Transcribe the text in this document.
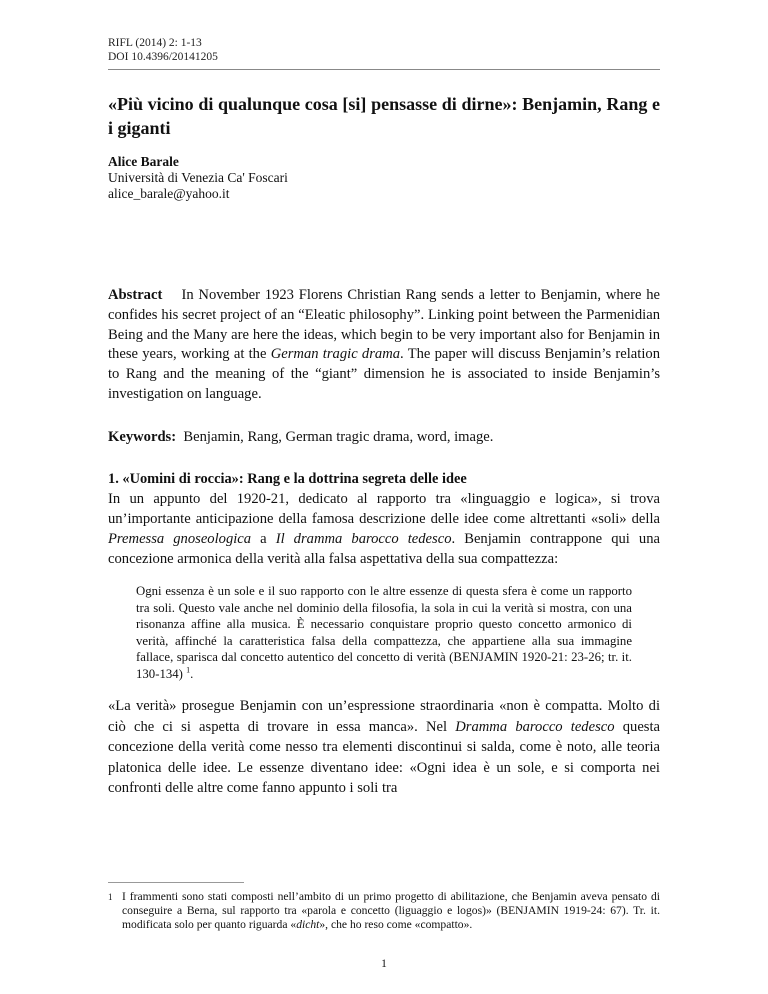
RIFL (2014) 2: 1-13
DOI 10.4396/20141205
«Più vicino di qualunque cosa [si] pensasse di dirne»: Benjamin, Rang e i giganti
Alice Barale
Università di Venezia Ca' Foscari
alice_barale@yahoo.it

Abstract In November 1923 Florens Christian Rang sends a letter to Benjamin, where he confides his secret project of an “Eleatic philosophy”. Linking point between the Parmenidian Being and the Many are here the ideas, which begin to be very important also for Benjamin in these years, working at the German tragic drama. The paper will discuss Benjamin’s relation to Rang and the meaning of the “giant” dimension he is associated to inside Benjamin’s investigation on language.

Keywords: Benjamin, Rang, German tragic drama, word, image.

1. «Uomini di roccia»: Rang e la dottrina segreta delle idee

In un appunto del 1920-21, dedicato al rapporto tra «linguaggio e logica», si trova un’importante anticipazione della famosa descrizione delle idee come altrettanti «soli» della Premessa gnoseologica a Il dramma barocco tedesco. Benjamin contrappone qui una concezione armonica della verità alla falsa aspettativa della sua compattezza:

Ogni essenza è un sole e il suo rapporto con le altre essenze di questa sfera è come un rapporto tra soli. Questo vale anche nel dominio della filosofia, la sola in cui la verità si mostra, con una risonanza affine alla musica. È necessario conquistare proprio questo concetto armonico di verità, affinché la caratteristica falsa della compattezza, che appartiene alla sua immagine fallace, sparisca dal concetto autentico del concetto di verità (BENJAMIN 1920-21: 23-26; tr. it. 130-134) $^1$.

«La verità» prosegue Benjamin con un’espressione straordinaria «non è compatta. Molto di ciò che ci si aspetta di trovare in essa manca». Nel Dramma barocco tedesco questa concezione della verità come nesso tra elementi discontinui si salda, come è noto, alle teoria platonica delle idee. Le essenze diventano idee: «Ogni idea è un sole, e si comporta nei confronti delle altre come fanno appunto i soli tra

1 I frammenti sono stati composti nell’ambito di un primo progetto di abilitazione, che Benjamin aveva pensato di conseguire a Berna, sul rapporto tra «parola e concetto (liguaggio e logos)» (BENJAMIN 1919-24: 67). Tr. it. modificata solo per quanto riguarda «dicht», che ho reso come «compatto».
1
